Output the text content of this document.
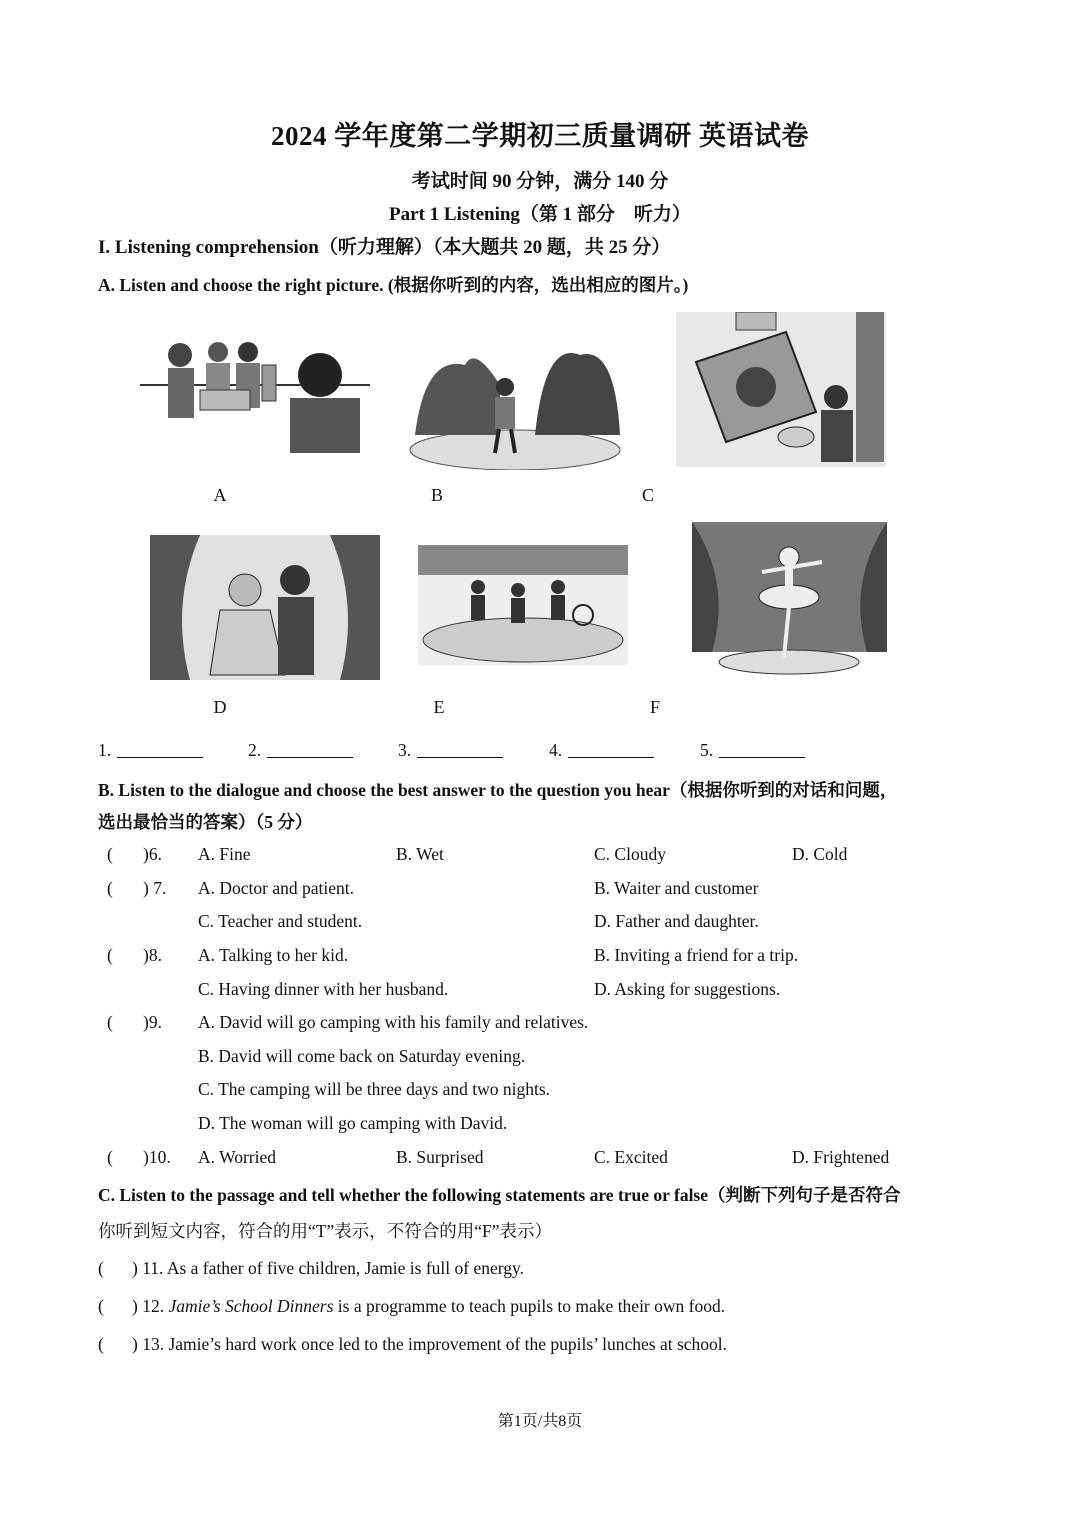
2024 学年度第二学期初三质量调研 英语试卷
考试时间 90 分钟，满分 140 分
Part 1 Listening（第 1 部分　听力）
I. Listening comprehension（听力理解）（本大题共 20 题，共 25 分）
A. Listen and choose the right picture. (根据你听到的内容，选出相应的图片。)
A	B	C
D	E	F
1.	2.	3.	4.	5.
B. Listen to the dialogue and choose the best answer to the question you hear（根据你听到的对话和问题，
选出最恰当的答案）（5 分）
( )6. A. Fine	B. Wet	C. Cloudy	D. Cold
( ) 7. A. Doctor and patient.	B. Waiter and customer
C. Teacher and student.	D. Father and daughter.
( )8. A. Talking to her kid.	B. Inviting a friend for a trip.
C. Having dinner with her husband.	D. Asking for suggestions.
( )9. A. David will go camping with his family and relatives.
B. David will come back on Saturday evening.
C. The camping will be three days and two nights.
D. The woman will go camping with David.
( )10. A. Worried	B. Surprised	C. Excited	D. Frightened
C. Listen to the passage and tell whether the following statements are true or false（判断下列句子是否符合
你听到短文内容，符合的用“T”表示，不符合的用“F”表示）
( ) 11. As a father of five children, Jamie is full of energy.
( ) 12. Jamie’s School Dinners is a programme to teach pupils to make their own food.
( ) 13. Jamie’s hard work once led to the improvement of the pupils’ lunches at school.
第1页/共8页
